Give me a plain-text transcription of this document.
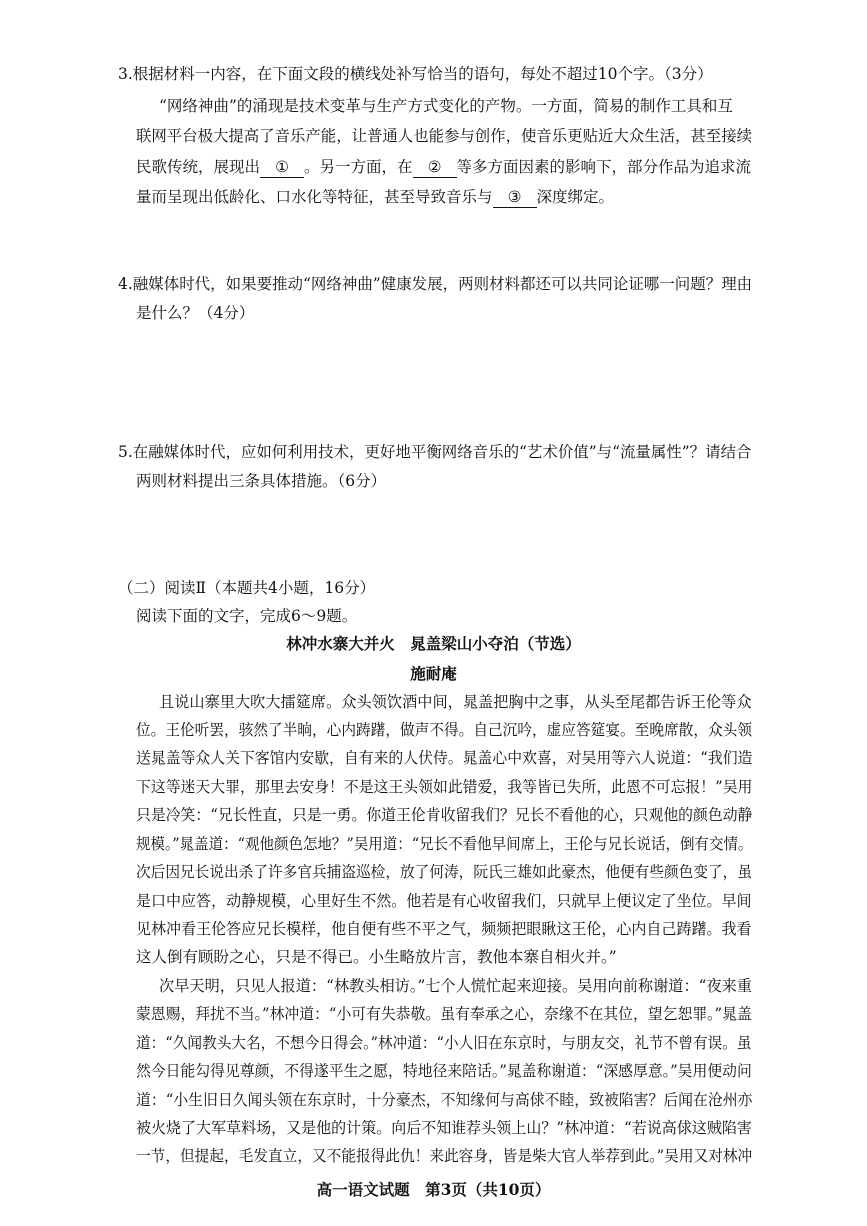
3.根据材料一内容，在下面文段的横线处补写恰当的语句，每处不超过10个字。（3分）
“网络神曲”的涌现是技术变革与生产方式变化的产物。一方面，简易的制作工具和互
联网平台极大提高了音乐产能，让普通人也能参与创作，使音乐更贴近大众生活，甚至接续
民歌传统，展现出 ① 。另一方面，在 ② 等多方面因素的影响下，部分作品为追求流
量而呈现出低龄化、口水化等特征，甚至导致音乐与 ③ 深度绑定。
4.融媒体时代，如果要推动“网络神曲”健康发展，两则材料都还可以共同论证哪一问题？理由
是什么？（4分）
5.在融媒体时代，应如何利用技术，更好地平衡网络音乐的“艺术价值”与“流量属性”？请结合
两则材料提出三条具体措施。（6分）
（二）阅读Ⅱ（本题共4小题，16分）
阅读下面的文字，完成6～9题。
林冲水寨大并火　晁盖梁山小夺泊（节选）
施耐庵
且说山寨里大吹大擂筵席。众头领饮酒中间，晁盖把胸中之事，从头至尾都告诉王伦等众
位。王伦听罢，骇然了半晌，心内踌躇，做声不得。自己沉吟，虚应答筵宴。至晚席散，众头领
送晁盖等众人关下客馆内安歇，自有来的人伏侍。晁盖心中欢喜，对吴用等六人说道：“我们造
下这等迷天大罪，那里去安身！不是这王头领如此错爱，我等皆已失所，此恩不可忘报！”吴用
只是冷笑：“兄长性直，只是一勇。你道王伦肯收留我们？兄长不看他的心，只观他的颜色动静
规模。”晁盖道：“观他颜色怎地？”吴用道：“兄长不看他早间席上，王伦与兄长说话，倒有交情。
次后因兄长说出杀了许多官兵捕盗巡检，放了何涛，阮氏三雄如此豪杰，他便有些颜色变了，虽
是口中应答，动静规模，心里好生不然。他若是有心收留我们，只就早上便议定了坐位。早间
见林冲看王伦答应兄长模样，他自便有些不平之气，频频把眼瞅这王伦，心内自己踌躇。我看
这人倒有顾盼之心，只是不得已。小生略放片言，教他本寨自相火并。”
次早天明，只见人报道：“林教头相访。”七个人慌忙起来迎接。吴用向前称谢道：“夜来重
蒙恩赐，拜扰不当。”林冲道：“小可有失恭敬。虽有奉承之心，奈缘不在其位，望乞恕罪。”晁盖
道：“久闻教头大名，不想今日得会。”林冲道：“小人旧在东京时，与朋友交，礼节不曾有误。虽
然今日能勾得见尊颜，不得遂平生之愿，特地径来陪话。”晁盖称谢道：“深感厚意。”吴用便动问
道：“小生旧日久闻头领在东京时，十分豪杰，不知缘何与高俅不睦，致被陷害？后闻在沧州亦
被火烧了大军草料场，又是他的计策。向后不知谁荐头领上山？”林冲道：“若说高俅这贼陷害
一节，但提起，毛发直立，又不能报得此仇！来此容身，皆是柴大官人举荐到此。”吴用又对林冲
高一语文试题　第3页（共10页）
